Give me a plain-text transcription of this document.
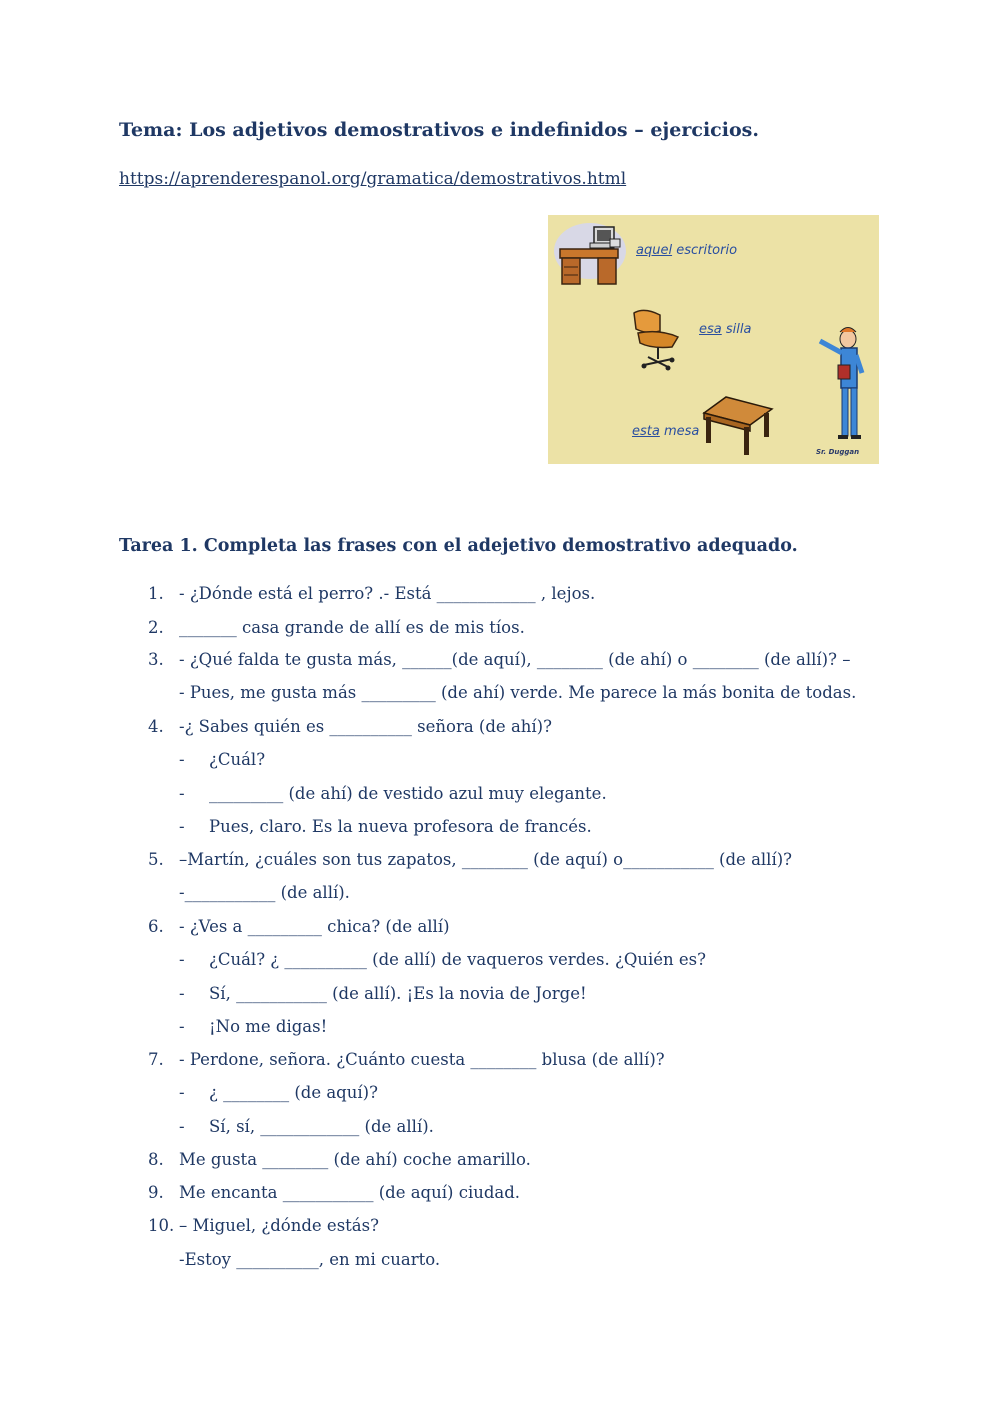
Tema: Los adjetivos demostrativos e indefinidos – ejercicios.
https://aprenderespanol.org/gramatica/demostrativos.html
aquel escritorio
esa silla
esta mesa
Sr. Duggan
Tarea 1. Completa las frases con el adejetivo demostrativo adequado.
1. - ¿Dónde está el perro? .- Está ____________ , lejos.
2. _______ casa grande de allí es de mis tíos.
3. - ¿Qué falda te gusta más, ______(de aquí), ________ (de ahí) o ________ (de allí)? –
- Pues, me gusta más _________ (de ahí) verde. Me parece la más bonita de todas.
4. -¿ Sabes quién es __________ señora (de ahí)?
- ¿Cuál?
- _________ (de ahí) de vestido azul muy elegante.
- Pues, claro. Es la nueva profesora de francés.
5. –Martín, ¿cuáles son tus zapatos, ________ (de aquí) o___________ (de allí)?
-___________ (de allí).
6. - ¿Ves a _________ chica? (de allí)
- ¿Cuál? ¿ __________ (de allí) de vaqueros verdes. ¿Quién es?
- Sí, ___________ (de allí). ¡Es la novia de Jorge!
- ¡No me digas!
7. - Perdone, señora. ¿Cuánto cuesta ________ blusa (de allí)?
- ¿ ________ (de aquí)?
- Sí, sí, ____________ (de allí).
8. Me gusta ________ (de ahí) coche amarillo.
9. Me encanta ___________ (de aquí) ciudad.
10. – Miguel, ¿dónde estás?
-Estoy __________, en mi cuarto.
